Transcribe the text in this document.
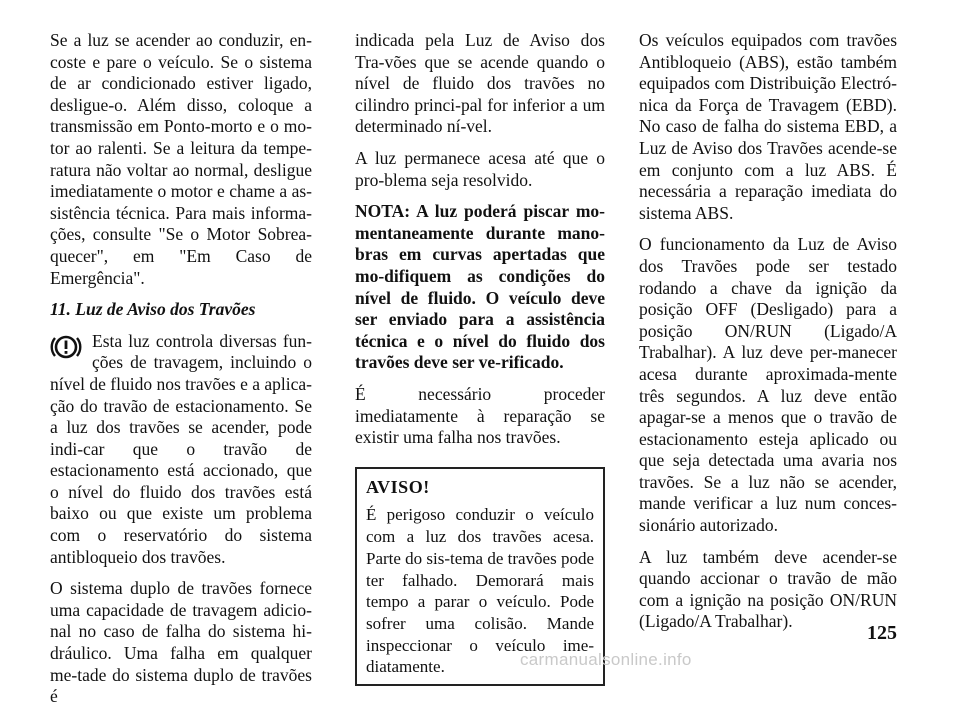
Se a luz se acender ao conduzir, en-coste e pare o veículo. Se o sistema de ar condicionado estiver ligado, desligue-o. Além disso, coloque a transmissão em Ponto-morto e o mo-tor ao ralenti. Se a leitura da tempe-ratura não voltar ao normal, desligue imediatamente o motor e chame a as-sistência técnica. Para mais informa-ções, consulte "Se o Motor Sobrea-quecer", em "Em Caso de Emergência".

11. Luz de Aviso dos Travões

Esta luz controla diversas fun-ções de travagem, incluindo o nível de fluido nos travões e a aplica-ção do travão de estacionamento. Se a luz dos travões se acender, pode indi-car que o travão de estacionamento está accionado, que o nível do fluido dos travões está baixo ou que existe um problema com o reservatório do sistema antibloqueio dos travões.

O sistema duplo de travões fornece uma capacidade de travagem adicio-nal no caso de falha do sistema hi-dráulico. Uma falha em qualquer me-tade do sistema duplo de travões é

indicada pela Luz de Aviso dos Tra-vões que se acende quando o nível de fluido dos travões no cilindro princi-pal for inferior a um determinado ní-vel.

A luz permanece acesa até que o pro-blema seja resolvido.

NOTA: A luz poderá piscar mo-mentaneamente durante mano-bras em curvas apertadas que mo-difiquem as condições do nível de fluido. O veículo deve ser enviado para a assistência técnica e o nível do fluido dos travões deve ser ve-rificado.

É necessário proceder imediatamente à reparação se existir uma falha nos travões.

AVISO!

É perigoso conduzir o veículo com a luz dos travões acesa. Parte do sis-tema de travões pode ter falhado. Demorará mais tempo a parar o veículo. Pode sofrer uma colisão. Mande inspeccionar o veículo ime-diatamente.

Os veículos equipados com travões Antibloqueio (ABS), estão também equipados com Distribuição Electró-nica da Força de Travagem (EBD). No caso de falha do sistema EBD, a Luz de Aviso dos Travões acende-se em conjunto com a luz ABS. É necessária a reparação imediata do sistema ABS.

O funcionamento da Luz de Aviso dos Travões pode ser testado rodando a chave da ignição da posição OFF (Desligado) para a posição ON/RUN (Ligado/A Trabalhar). A luz deve per-manecer acesa durante aproximada-mente três segundos. A luz deve então apagar-se a menos que o travão de estacionamento esteja aplicado ou que seja detectada uma avaria nos travões. Se a luz não se acender, mande verificar a luz num conces-sionário autorizado.

A luz também deve acender-se quando accionar o travão de mão com a ignição na posição ON/RUN (Ligado/A Trabalhar).

125
carmanualsonline.info
